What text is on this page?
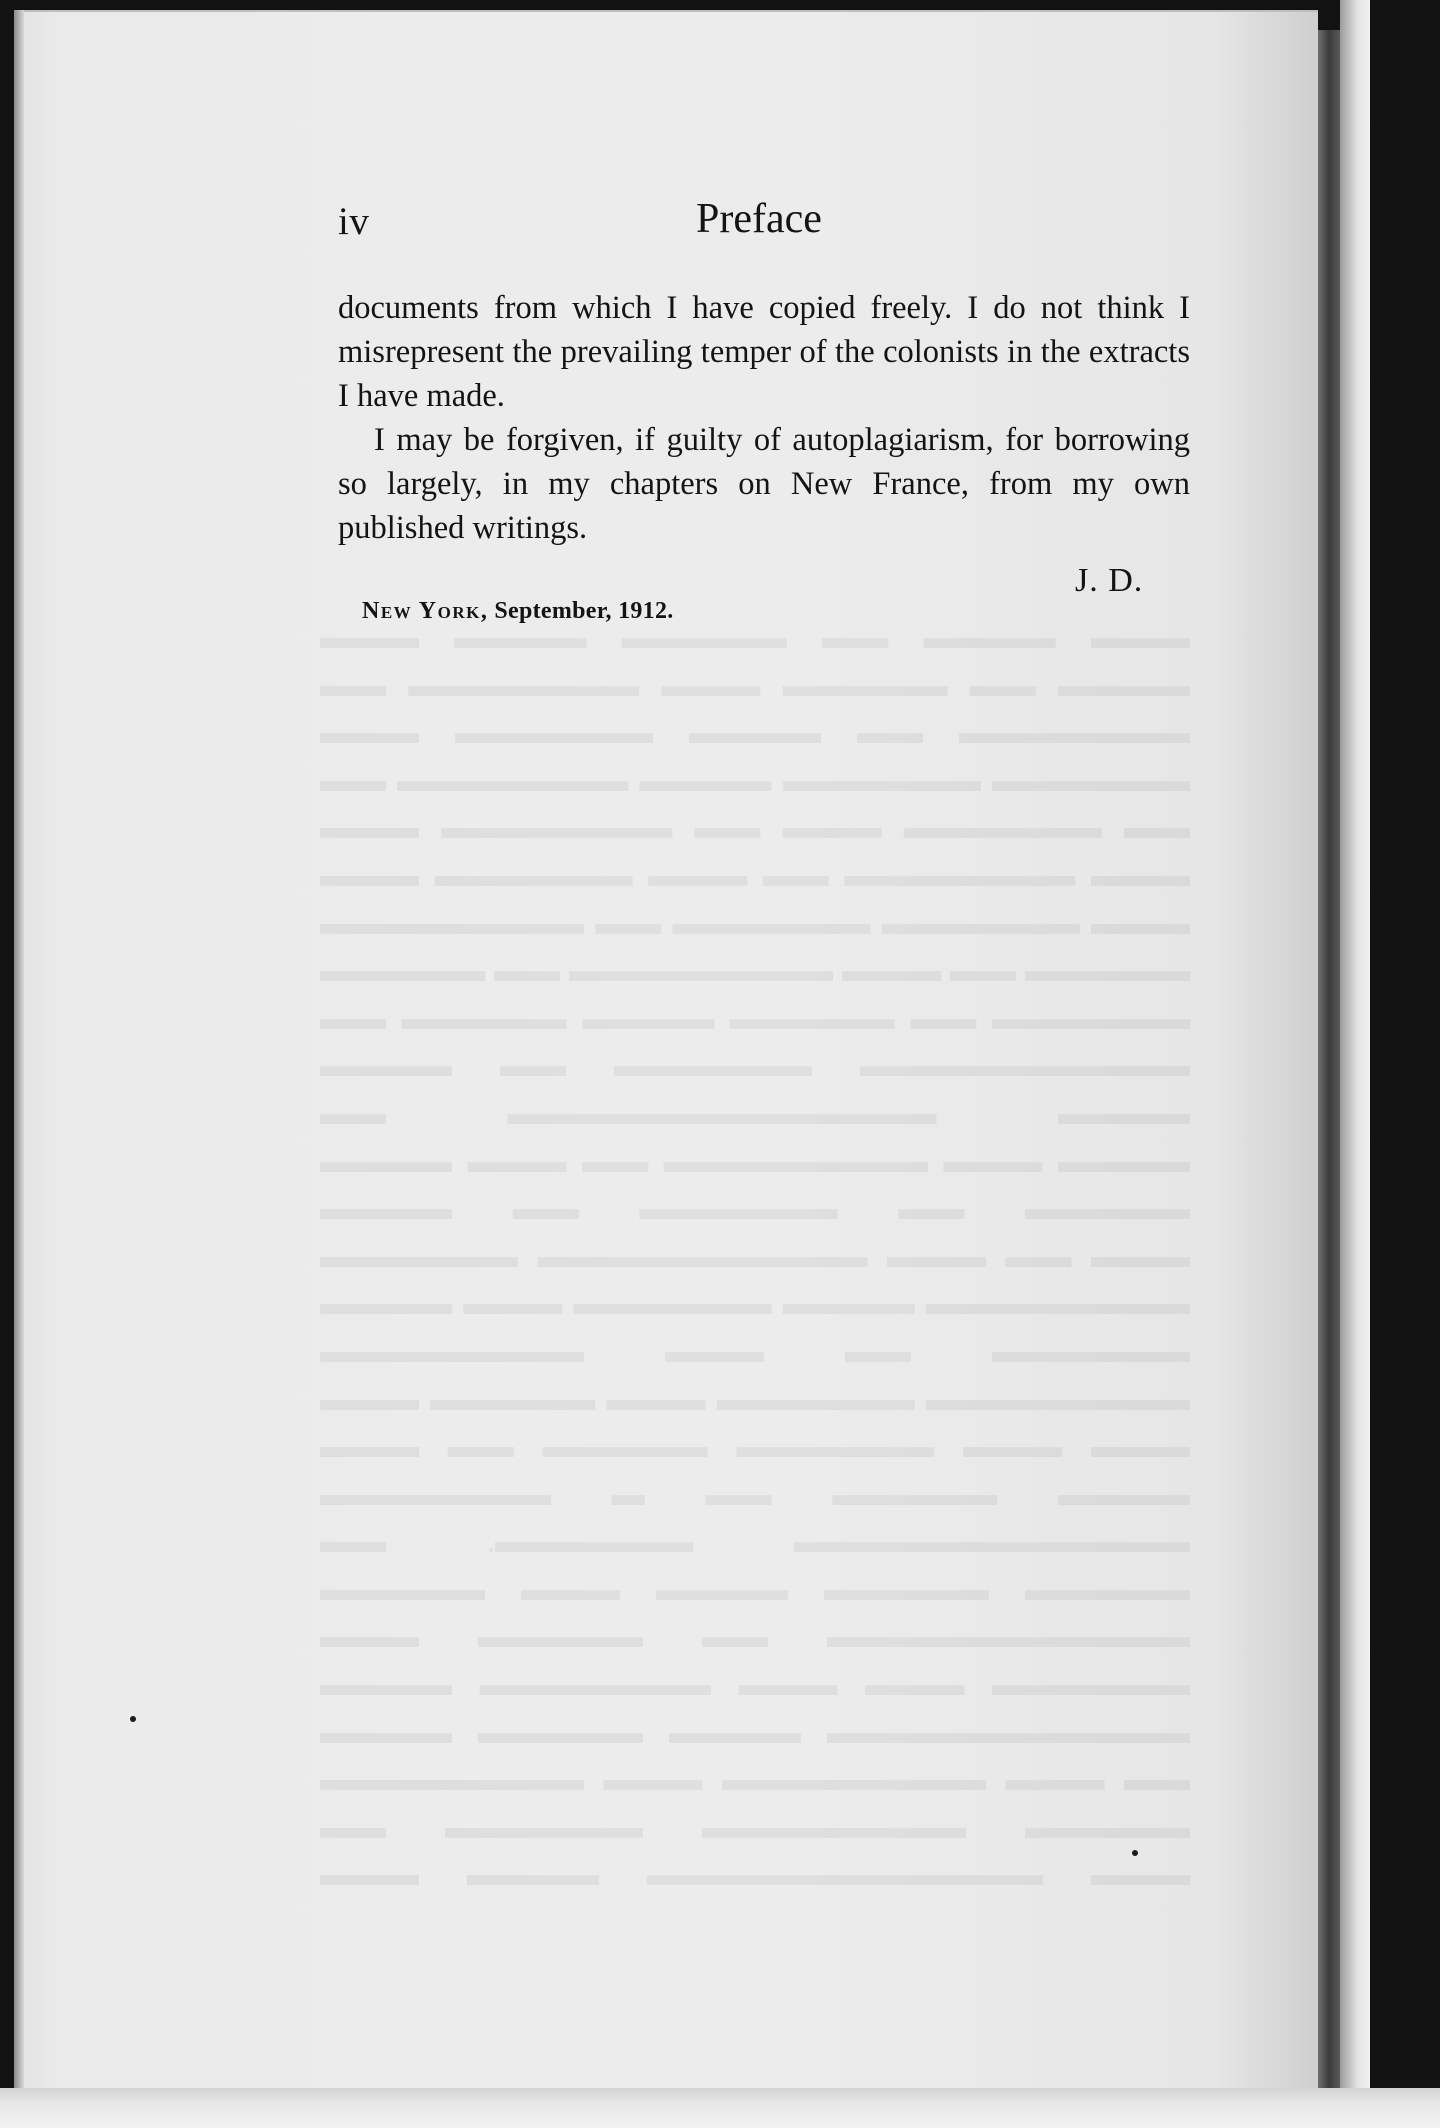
▬▬▬ ▬▬▬▬ ▬▬ ▬▬▬▬▬ ▬▬▬▬ ▬▬▬
▬▬▬▬ ▬▬ ▬▬▬▬▬ ▬▬▬ ▬▬▬▬▬▬▬ ▬▬
▬▬▬▬▬▬▬ ▬▬ ▬▬▬▬ ▬▬▬▬▬▬ ▬▬▬
▬▬▬▬▬▬ ▬▬▬▬▬▬ ▬▬▬▬ ▬▬▬▬▬▬▬ ▬▬
▬▬ ▬▬▬▬▬▬ ▬▬▬ ▬▬ ▬▬▬▬▬▬▬ ▬▬▬
▬▬▬ ▬▬▬▬▬▬▬ ▬▬ ▬▬▬ ▬▬▬▬▬▬ ▬▬▬
▬▬▬ ▬▬▬▬▬▬ ▬▬▬▬▬▬ ▬▬ ▬▬▬▬▬▬▬▬
▬▬▬▬▬ ▬▬ ▬▬▬ ▬▬▬▬▬▬▬▬ ▬▬ ▬▬▬▬▬
▬▬▬▬▬▬ ▬▬ ▬▬▬▬▬ ▬▬▬▬ ▬▬▬▬▬ ▬▬
▬▬▬▬▬▬▬▬▬▬ ▬▬▬▬▬▬ ▬▬ ▬▬▬▬
▬▬▬▬ ▬▬▬▬▬▬▬▬▬▬▬▬▬ ▬▬
▬▬▬▬ ▬▬▬ ▬▬▬▬▬▬▬▬ ▬▬ ▬▬▬ ▬▬▬▬
▬▬▬▬▬ ▬▬ ▬▬▬▬▬▬ ▬▬ ▬▬▬▬
▬▬▬ ▬▬ ▬▬▬ ▬▬▬▬▬▬▬▬▬▬ ▬▬▬▬▬▬
▬▬▬▬▬▬▬▬ ▬▬▬▬ ▬▬▬▬▬▬ ▬▬▬ ▬▬▬▬
▬▬▬▬▬▬ ▬▬ ▬▬▬ ▬▬▬▬▬▬▬▬
▬▬▬▬▬▬▬▬ ▬▬▬▬▬▬ ▬▬▬ ▬▬▬▬▬ ▬▬▬
▬▬▬ ▬▬▬ ▬▬▬▬▬▬ ▬▬▬▬▬ ▬▬ ▬▬▬
▬▬▬▬ ▬▬▬▬▬ ▬▬ ▬ ▬▬▬▬▬▬▬
▬▬▬▬▬▬▬▬▬▬▬▬ ▬▬▬▬▬▬. ▬▬
▬▬▬▬▬ ▬▬▬▬▬ ▬▬▬▬ ▬▬▬ ▬▬▬▬▬
▬▬▬▬▬▬▬▬▬▬▬ ▬▬ ▬▬▬▬▬ ▬▬▬
▬▬▬▬▬▬ ▬▬▬ ▬▬▬ ▬▬▬▬▬▬▬ ▬▬▬▬
▬▬▬▬▬▬▬▬▬▬▬ ▬▬▬▬ ▬▬▬▬▬ ▬▬▬▬
▬▬ ▬▬▬ ▬▬▬▬▬▬▬▬ ▬▬▬ ▬▬▬▬▬▬▬▬
▬▬▬▬▬ ▬▬▬▬▬▬▬▬ ▬▬▬▬▬▬ ▬▬
▬▬▬ ▬▬▬▬▬▬▬▬▬▬▬▬ ▬▬▬▬ ▬▬▬
iv	Preface

documents from which I have copied freely. I do not think I misrepresent the prevailing temper of the colonists in the extracts I have made.

I may be forgiven, if guilty of autoplagiarism, for borrowing so largely, in my chapters on New France, from my own published writings.

J. D.
New York, September, 1912.
